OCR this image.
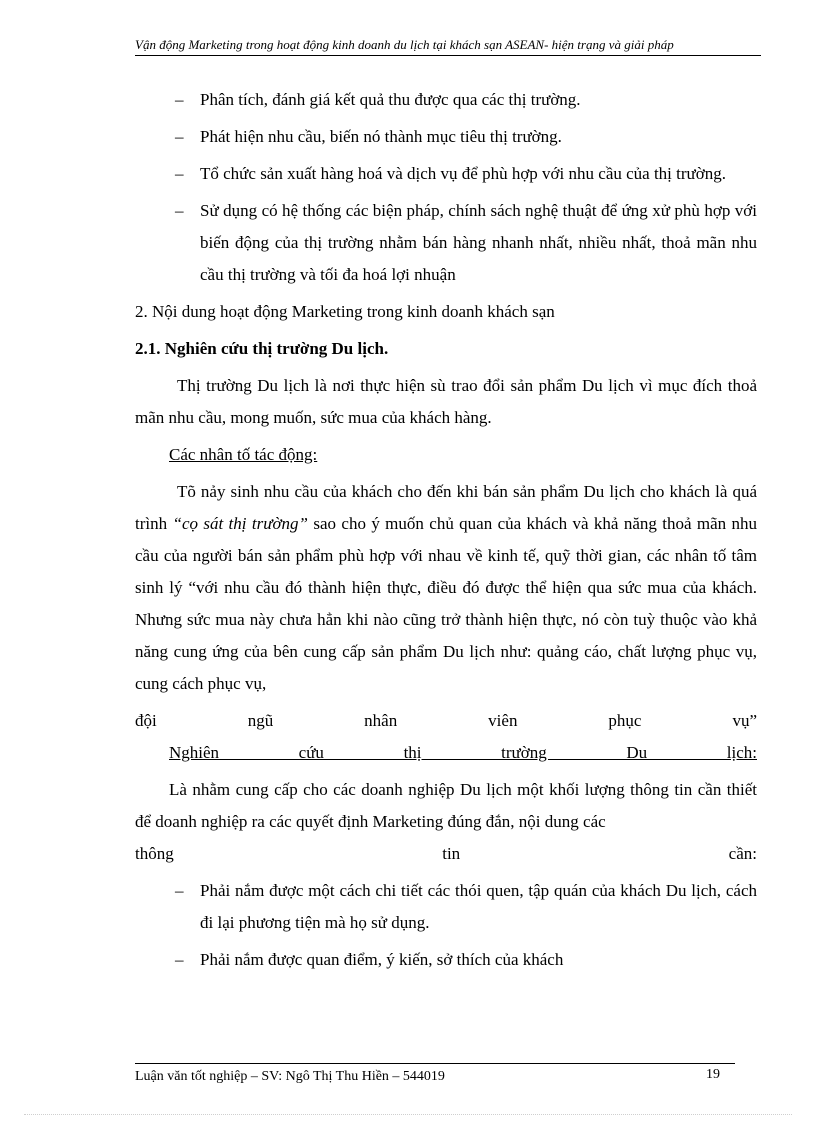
Vận động Marketing trong hoạt động kinh doanh du lịch tại khách sạn ASEAN- hiện trạng và giải pháp
– Phân tích, đánh giá kết quả thu được qua các thị trường.
– Phát hiện nhu cầu, biến nó thành mục tiêu thị trường.
– Tổ chức sản xuất hàng hoá và dịch vụ để phù hợp với nhu cầu của thị trường.
– Sử dụng có hệ thống các biện pháp, chính sách nghệ thuật để ứng xử phù hợp với biến động của thị trường nhằm bán hàng nhanh nhất, nhiều nhất, thoả mãn nhu cầu thị trường và tối đa hoá lợi nhuận
2. Nội dung hoạt động Marketing trong kinh doanh khách sạn
2.1. Nghiên cứu thị trường Du lịch.
Thị trường Du lịch là nơi thực hiện sù trao đổi sản phẩm Du lịch vì mục đích thoả mãn nhu cầu, mong muốn, sức mua của khách hàng.
Các nhân tố tác động:
Tõ nảy sinh nhu cầu của khách cho đến khi bán sản phẩm Du lịch cho khách là quá trình “cọ sát thị trường” sao cho ý muốn chủ quan của khách và khả năng thoả mãn nhu cầu của người bán sản phẩm phù hợp với nhau về kinh tế, quỹ thời gian, các nhân tố tâm sinh lý “với nhu cầu đó thành hiện thực, điều đó được thể hiện qua sức mua của khách. Nhưng sức mua này chưa hẳn khi nào cũng trở thành hiện thực, nó còn tuỳ thuộc vào khả năng cung ứng của bên cung cấp sản phẩm Du lịch như: quảng cáo, chất lượng phục vụ, cung cách phục vụ,
đội ngũ nhân viên phục vụ”
Nghiên cứu thị trường Du lịch:
Là nhằm cung cấp cho các doanh nghiệp Du lịch một khối lượng thông tin cần thiết để doanh nghiệp ra các quyết định Marketing đúng đắn, nội dung các
thông tin cần:
– Phải nắm được một cách chi tiết các thói quen, tập quán của khách Du lịch, cách đi lại phương tiện mà họ sử dụng.
– Phải nắm được quan điểm, ý kiến, sở thích của khách
Luận văn tốt nghiệp – SV: Ngô Thị Thu Hiền – 544019	19
